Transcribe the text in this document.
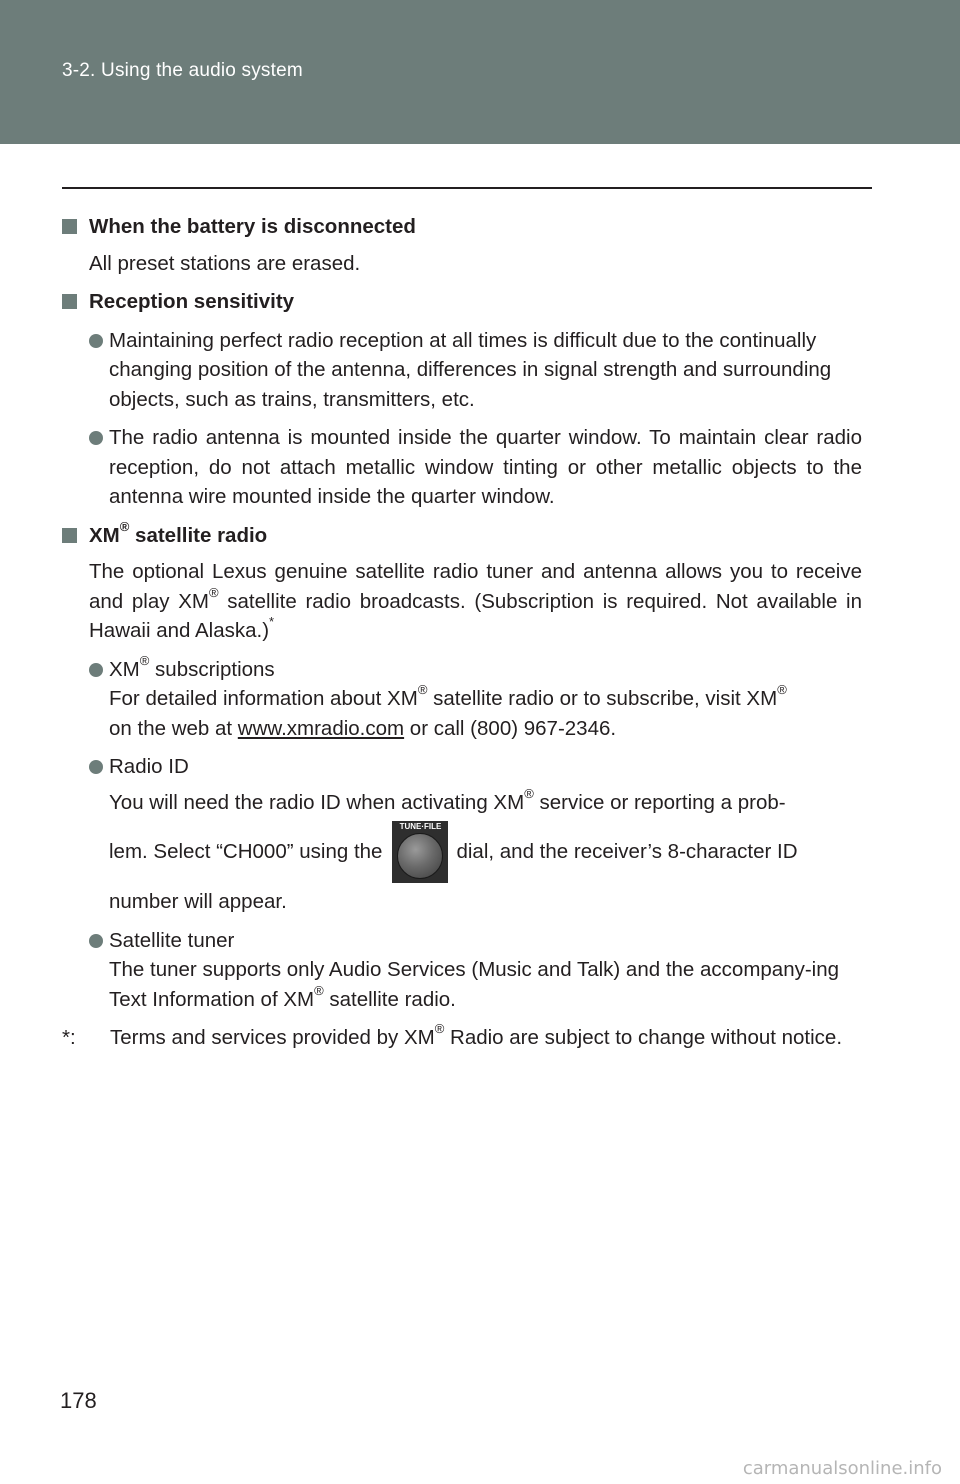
3-2. Using the audio system
When the battery is disconnected
All preset stations are erased.
Reception sensitivity
Maintaining perfect radio reception at all times is difficult due to the continually changing position of the antenna, differences in signal strength and surrounding objects, such as trains, transmitters, etc.
The radio antenna is mounted inside the quarter window. To maintain clear radio reception, do not attach metallic window tinting or other metallic objects to the antenna wire mounted inside the quarter window.
XM® satellite radio
The optional Lexus genuine satellite radio tuner and antenna allows you to receive and play XM® satellite radio broadcasts. (Subscription is required. Not available in Hawaii and Alaska.)*
XM® subscriptions
For detailed information about XM® satellite radio or to subscribe, visit XM®
on the web at www.xmradio.com or call (800) 967-2346.
Radio ID
You will need the radio ID when activating XM® service or reporting a prob-
lem. Select “CH000” using the
TUNE·FILE
dial, and the receiver’s 8-character ID
number will appear.
Satellite tuner
The tuner supports only Audio Services (Music and Talk) and the accompany-ing Text Information of XM® satellite radio.
*:	Terms and services provided by XM® Radio are subject to change without notice.
178
carmanualsonline.info
